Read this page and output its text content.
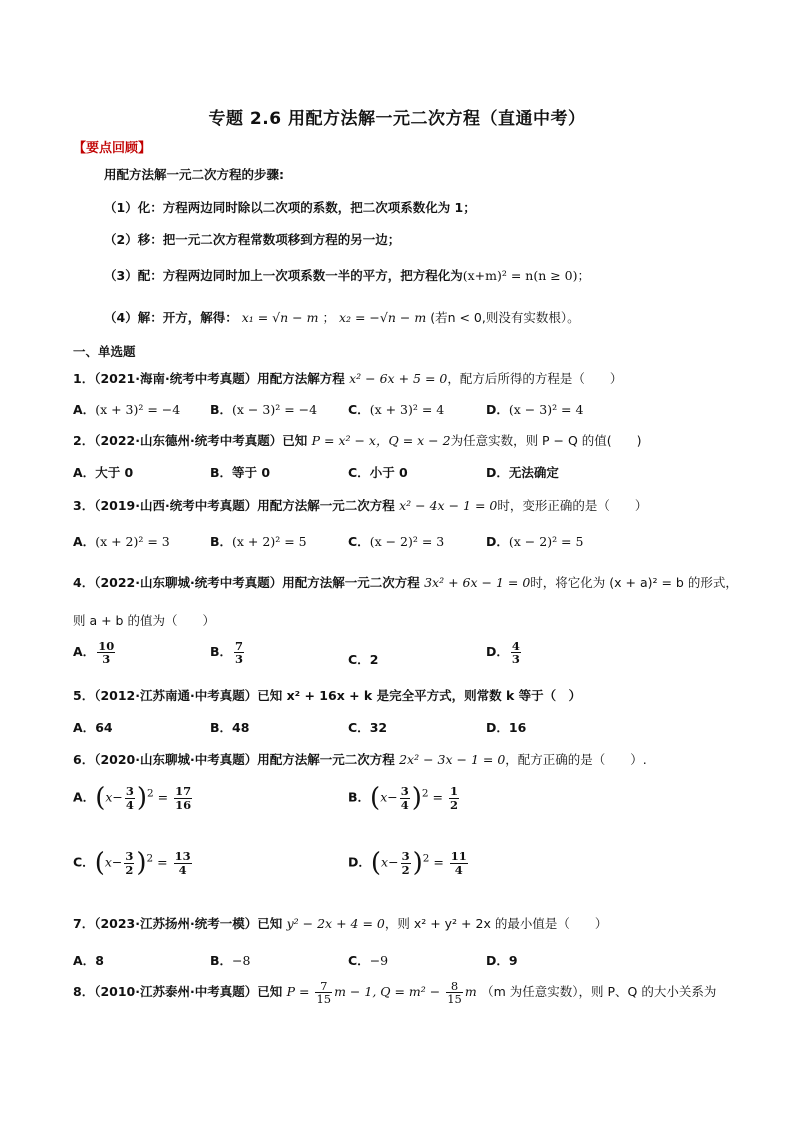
专题 2.6 用配方法解一元二次方程（直通中考）
【要点回顾】
用配方法解一元二次方程的步骤:
（1）化：方程两边同时除以二次项的系数，把二次项系数化为 1；
（2）移：把一元二次方程常数项移到方程的另一边；
（3）配：方程两边同时加上一次项系数一半的平方，把方程化为(x+m)² = n(n ≥ 0)；
（4）解：开方，解得： x₁ = √n − m ； x₂ = −√n − m (若n < 0,则没有实数根）。
一、单选题
1．（2021·海南·统考中考真题）用配方法解方程 x² − 6x + 5 = 0，配方后所得的方程是（　　）
A．(x + 3)² = −4 B．(x − 3)² = −4 C．(x + 3)² = 4	D．(x − 3)² = 4
2．（2022·山东德州·统考中考真题）已知 P = x² − x，Q = x − 2为任意实数，则 P − Q 的值(　　)
A．大于 0	B．等于 0	C．小于 0	D．无法确定
3．（2019·山西·统考中考真题）用配方法解一元二次方程 x² − 4x − 1 = 0时，变形正确的是（　　）
A．(x + 2)² = 3	B．(x + 2)² = 5	C．(x − 2)² = 3	D．(x − 2)² = 5
4．（2022·山东聊城·统考中考真题）用配方法解一元二次方程 3x² + 6x − 1 = 0时，将它化为 (x + a)² = b 的形式，
则 a + b 的值为（　　）
A． $\frac{10}{3}$	B． $\frac{7}{3}$	C．2
D． $\frac{4}{3}$
5．（2012·江苏南通·中考真题）已知 x² + 16x + k 是完全平方式，则常数 k 等于（　）
A．64	B．48	C．32	D．16
6．（2020·山东聊城·中考真题）用配方法解一元二次方程 2x² − 3x − 1 = 0，配方正确的是（　　）.
A．$(x- \frac{3}{4} )^2 = \frac{17}{16}$	B．$(x- \frac{3}{4} )^2 = \frac{1}{2}$
C．$(x- \frac{3}{2} )^2 = \frac{13}{4}$	D．$(x- \frac{3}{2} )^2 = \frac{11}{4}$
7．（2023·江苏扬州·统考一模）已知 y² − 2x + 4 = 0，则 x² + y² + 2x 的最小值是（　　）
A．8	B．−8	C．−9	D．9
8．（2010·江苏泰州·中考真题）已知 $P = \frac{7}{15}$ m − 1, $Q = m^2 - \frac{8}{15}$ m （m 为任意实数），则 P、Q 的大小关系为
